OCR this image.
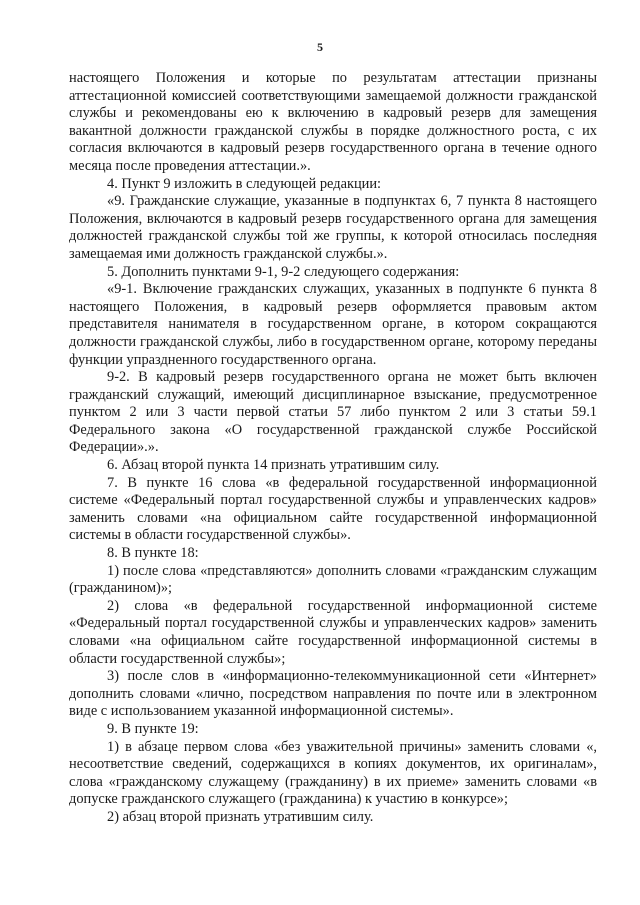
5

настоящего Положения и которые по результатам аттестации признаны аттестационной комиссией соответствующими замещаемой должности гражданской службы и рекомендованы ею к включению в кадровый резерв для замещения вакантной должности гражданской службы в порядке должностного роста, с их согласия включаются в кадровый резерв государственного органа в течение одного месяца после проведения аттестации.».

4. Пункт 9 изложить в следующей редакции:

«9. Гражданские служащие, указанные в подпунктах 6, 7 пункта 8 настоящего Положения, включаются в кадровый резерв государственного органа для замещения должностей гражданской службы той же группы, к которой относилась последняя замещаемая ими должность гражданской службы.».

5. Дополнить пунктами 9-1, 9-2 следующего содержания:

«9-1. Включение гражданских служащих, указанных в подпункте 6 пункта 8 настоящего Положения, в кадровый резерв оформляется правовым актом представителя нанимателя в государственном органе, в котором сокращаются должности гражданской службы, либо в государственном органе, которому переданы функции упраздненного государственного органа.

9-2. В кадровый резерв государственного органа не может быть включен гражданский служащий, имеющий дисциплинарное взыскание, предусмотренное пунктом 2 или 3 части первой статьи 57 либо пунктом 2 или 3 статьи 59.1 Федерального закона «О государственной гражданской службе Российской Федерации».».

6. Абзац второй пункта 14 признать утратившим силу.

7. В пункте 16 слова «в федеральной государственной информационной системе «Федеральный портал государственной службы и управленческих кадров» заменить словами «на официальном сайте государственной информационной системы в области государственной службы».

8. В пункте 18:

1) после слова «представляются» дополнить словами «гражданским служащим (гражданином)»;

2) слова «в федеральной государственной информационной системе «Федеральный портал государственной службы и управленческих кадров» заменить словами «на официальном сайте государственной информационной системы в области государственной службы»;

3) после слов в «информационно-телекоммуникационной сети «Интернет» дополнить словами «лично, посредством направления по почте или в электронном виде с использованием указанной информационной системы».

9. В пункте 19:

1) в абзаце первом слова «без уважительной причины» заменить словами «, несоответствие сведений, содержащихся в копиях документов, их оригиналам», слова «гражданскому служащему (гражданину) в их приеме» заменить словами «в допуске гражданского служащего (гражданина) к участию в конкурсе»;

2) абзац второй признать утратившим силу.
